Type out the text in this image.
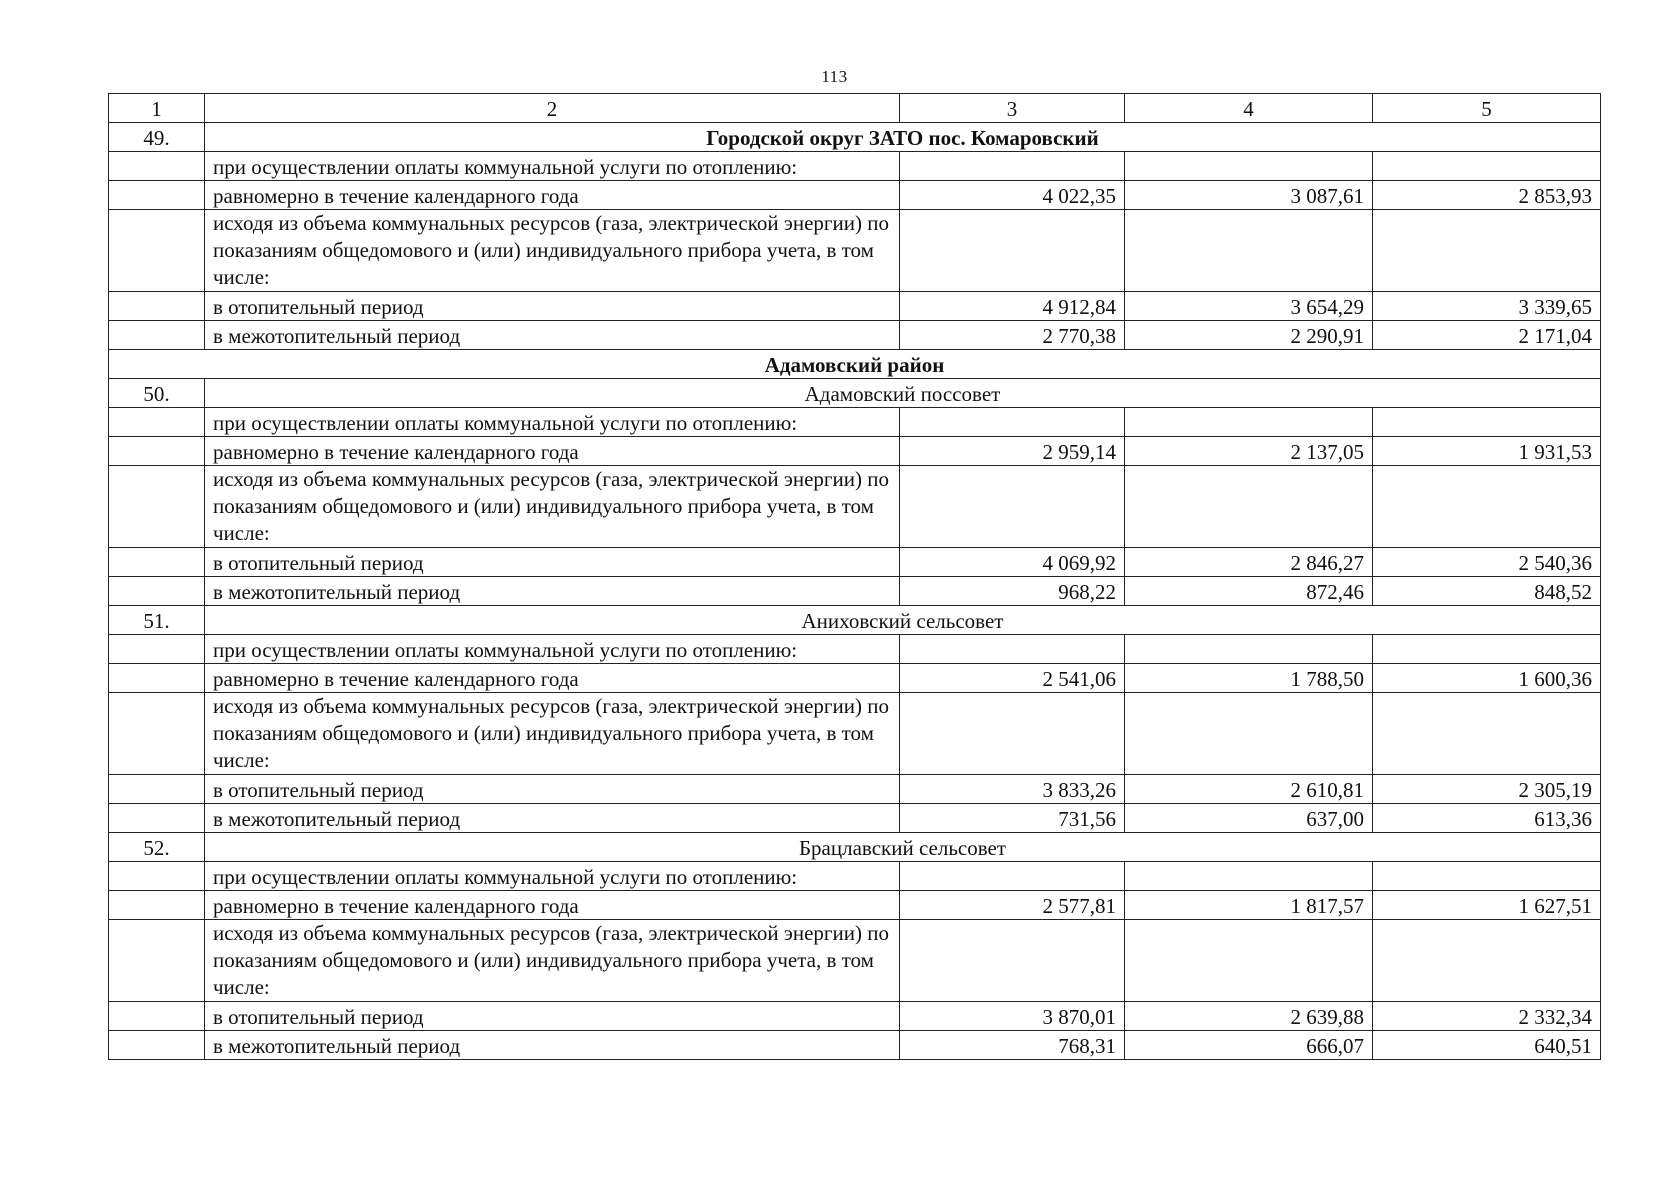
113
1	2	3	4	5
49.	Городской округ ЗАТО пос. Комаровский			
	при осуществлении оплаты коммунальной услуги по отоплению:			
	равномерно в течение календарного года	4 022,35	3 087,61	2 853,93
	исходя из объема коммунальных ресурсов (газа, электрической энергии) по показаниям общедомового и (или) индивидуального прибора учета, в том числе:			
	в отопительный период	4 912,84	3 654,29	3 339,65
	в межотопительный период	2 770,38	2 290,91	2 171,04
Адамовский район				
50.	Адамовский поссовет			
	при осуществлении оплаты коммунальной услуги по отоплению:			
	равномерно в течение календарного года	2 959,14	2 137,05	1 931,53
	исходя из объема коммунальных ресурсов (газа, электрической энергии) по показаниям общедомового и (или) индивидуального прибора учета, в том числе:			
	в отопительный период	4 069,92	2 846,27	2 540,36
	в межотопительный период	968,22	872,46	848,52
51.	Аниховский сельсовет			
	при осуществлении оплаты коммунальной услуги по отоплению:			
	равномерно в течение календарного года	2 541,06	1 788,50	1 600,36
	исходя из объема коммунальных ресурсов (газа, электрической энергии) по показаниям общедомового и (или) индивидуального прибора учета, в том числе:			
	в отопительный период	3 833,26	2 610,81	2 305,19
	в межотопительный период	731,56	637,00	613,36
52.	Брацлавский сельсовет			
	при осуществлении оплаты коммунальной услуги по отоплению:			
	равномерно в течение календарного года	2 577,81	1 817,57	1 627,51
	исходя из объема коммунальных ресурсов (газа, электрической энергии) по показаниям общедомового и (или) индивидуального прибора учета, в том числе:			
	в отопительный период	3 870,01	2 639,88	2 332,34
	в межотопительный период	768,31	666,07	640,51
